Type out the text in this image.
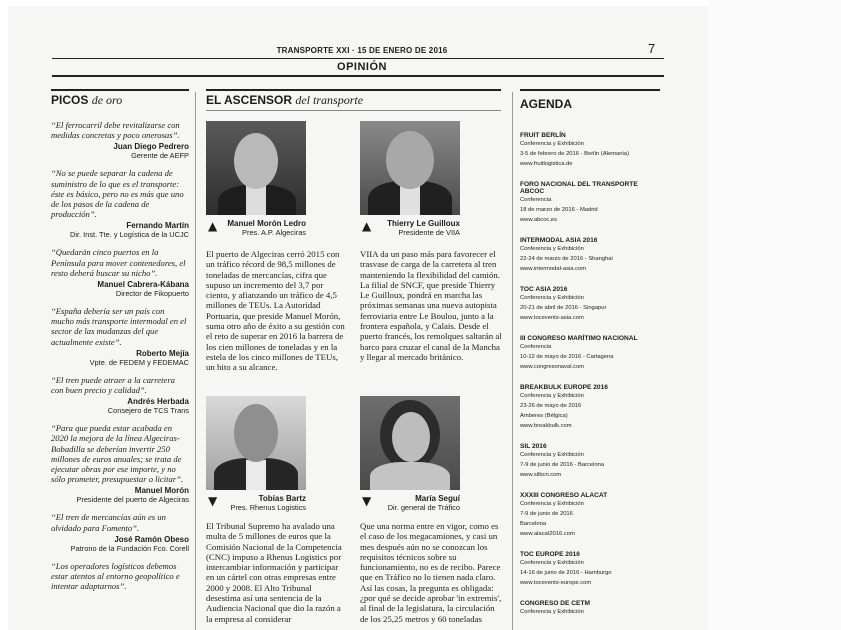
TRANSPORTE XXI · 15 DE ENERO DE 2016	7
OPINIÓN
PICOS de oro
“El ferrocarril debe revitalizarse con medidas concretas y poco onerosas”.
Juan Diego Pedrero
Gerente de AEFP
“No se puede separar la cadena de suministro de lo que es el transporte: éste es básico, pero no es más que uno de los pasos de la cadena de producción”.
Fernando Martín
Dir. Inst. Tte. y Logística de la UCJC
“Quedarán cinco puertos en la Península para mover contenedores, el resto deberá buscar su nicho”.
Manuel Cabrera-Kábana
Director de Fikopuerto
“España debería ser un país con mucho más transporte intermodal en el sector de las mudanzas del que actualmente existe”.
Roberto Mejía
Vpte. de FEDEM y FEDEMAC
“El tren puede atraer a la carretera con buen precio y calidad”.
Andrés Herbada
Consejero de TCS Trans
“Para que pueda estar acabada en 2020 la mejora de la línea Algeciras-Bobadilla se deberían invertir 250 millones de euros anuales; se trata de ejecutar obras por ese importe, y no sólo prometer, presupuestar o licitar”.
Manuel Morón
Presidente del puerto de Algeciras
“El tren de mercancías aún es un olvidado para Fomento”.
José Ramón Obeso
Patrono de la Fundación Fco. Corell
“Los operadores logísticos debemos estar atentos al entorno geopolítico e intentar adaptarnos”.
EL ASCENSOR del transporte
▲	Manuel Morón Ledro
Pres. A.P. Algeciras	▲	Thierry Le Guilloux
Presidente de VIIA
El puerto de Algeciras cerró 2015 con un tráfico récord de 98,5 millones de toneladas de mercancías, cifra que supuso un incremento del 3,7 por ciento, y afianzando un tráfico de 4,5 millones de TEUs. La Autoridad Portuaria, que preside Manuel Morón, suma otro año de éxito a su gestión con el reto de superar en 2016 la barrera de los cien millones de toneladas y en la estela de los cinco millones de TEUs, un hito a su alcance.
VIIA da un paso más para favorecer el trasvase de carga de la carretera al tren manteniendo la flexibilidad del camión. La filial de SNCF, que preside Thierry Le Guilloux, pondrá en marcha las próximas semanas una nueva autopista ferroviaria entre Le Boulou, junto a la frontera española, y Calais. Desde el puerto francés, los remolques saltarán al barco para cruzar el canal de la Mancha y llegar al mercado británico.
▼	Tobías Bartz
Pres. Rhenus Logistics	▼	María Seguí
Dir. general de Tráfico
El Tribunal Supremo ha avalado una multa de 5 millones de euros que la Comisión Nacional de la Competencia (CNC) impuso a Rhenus Logistics por intercambiar información y participar en un cártel con otras empresas entre 2000 y 2008. El Alto Tribunal desestima así una sentencia de la Audiencia Nacional que dio la razón a la empresa al considerar
Que una norma entre en vigor, como es el caso de los megacamiones, y casi un mes después aún no se conozcan los requisitos técnicos sobre su funcionamiento, no es de recibo. Parece que en Tráfico no lo tienen nada claro. Así las cosas, la pregunta es obligada: ¿por qué se decide aprobar 'in extremis', al final de la legislatura, la circulación de los 25,25 metros y 60 toneladas
AGENDA
FRUIT BERLÍN
Conferencia y Exhibición
3-5 de febrero de 2016 - Berlín (Alemania)
www.fruitlogistica.de
FORO NACIONAL DEL TRANSPORTE ABCOC
Conferencia
18 de marzo de 2016 - Madrid
www.abcoc.es
INTERMODAL ASIA 2016
Conferencia y Exhibición
22-24 de marzo de 2016 - Shanghai
www.intermodal-asia.com
TOC ASIA 2016
Conferencia y Exhibición
20-21 de abril de 2016 - Singapur
www.tocevents-asia.com
III CONGRESO MARÍTIMO NACIONAL
Conferencia
10-12 de mayo de 2016 - Cartagena
www.congresonaval.com
BREAKBULK EUROPE 2016
Conferencia y Exhibición
23-26 de mayo de 2016
Amberes (Bélgica)
www.breakbulk.com
SIL 2016
Conferencia y Exhibición
7-9 de junio de 2016 - Barcelona
www.silbcn.com
XXXIII CONGRESO ALACAT
Conferencia y Exhibición
7-9 de junio de 2016
Barcelona
www.alacat2016.com
TOC EUROPE 2016
Conferencia y Exhibición
14-16 de junio de 2016 - Hamburgo
www.tocevents-europe.com
CONGRESO DE CETM
Conferencia y Exhibición
